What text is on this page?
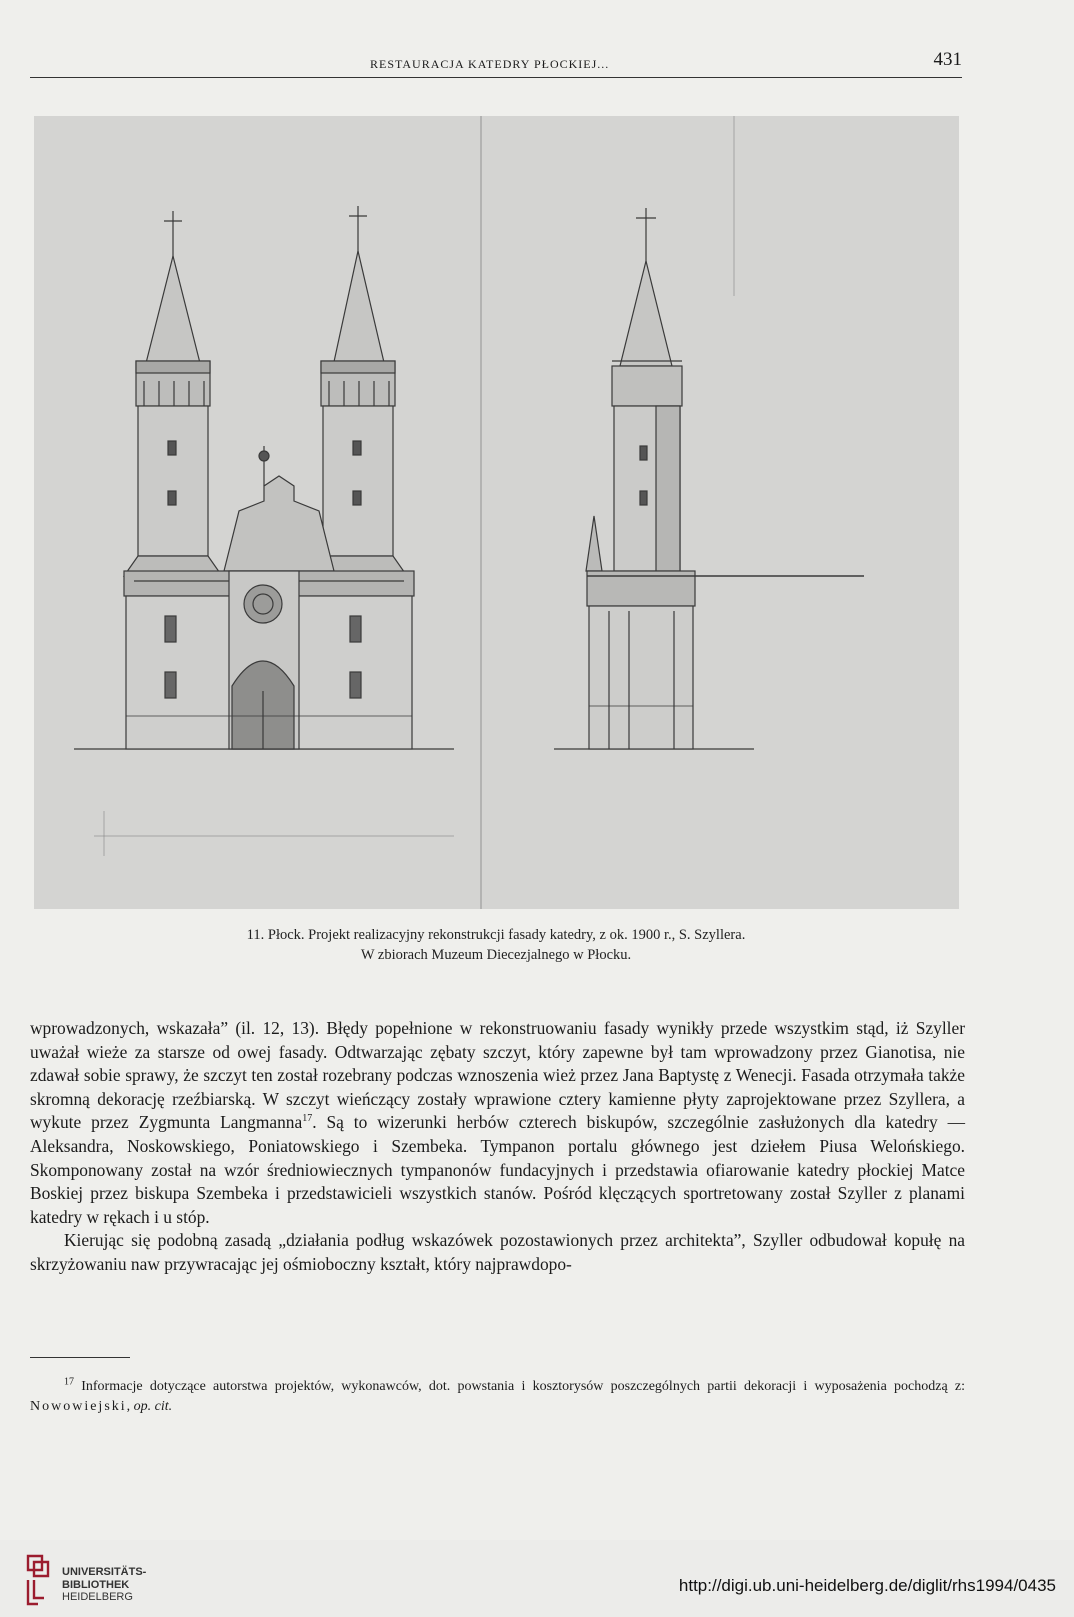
RESTAURACJA KATEDRY PŁOCKIEJ...	431
11. Płock. Projekt realizacyjny rekonstrukcji fasady katedry, z ok. 1900 r., S. Szyllera.
W zbiorach Muzeum Diecezjalnego w Płocku.

wprowadzonych, wskazała” (il. 12, 13). Błędy popełnione w rekonstruowaniu fasady wynikły przede wszystkim stąd, iż Szyller uważał wieże za starsze od owej fasady. Odtwarzając zębaty szczyt, który zapewne był tam wprowadzony przez Gianotisa, nie zdawał sobie sprawy, że szczyt ten został rozebrany podczas wznoszenia wież przez Jana Baptystę z Wenecji. Fasada otrzymała także skromną dekorację rzeźbiarską. W szczyt wieńczący zostały wprawione cztery kamienne płyty zaprojektowane przez Szyllera, a wykute przez Zygmunta Langmanna$^{17}$. Są to wizerunki herbów czterech biskupów, szczególnie zasłużonych dla katedry — Aleksandra, Noskowskiego, Poniatowskiego i Szembeka. Tympanon portalu głównego jest dziełem Piusa Welońskiego. Skomponowany został na wzór średniowiecznych tympanonów fundacyjnych i przedstawia ofiarowanie katedry płockiej Matce Boskiej przez biskupa Szembeka i przedstawicieli wszystkich stanów. Pośród klęczących sportretowany został Szyller z planami katedry w rękach i u stóp.

Kierując się podobną zasadą „działania podług wskazówek pozostawionych przez architekta”, Szyller odbudował kopułę na skrzyżowaniu naw przywracając jej ośmioboczny kształt, który najprawdopo-

$^{17}$ Informacje dotyczące autorstwa projektów, wykonawców, dot. powstania i kosztorysów poszczególnych partii dekoracji i wyposażenia pochodzą z: Nowowiejski, op. cit.

UNIVERSITÄTS-
BIBLIOTHEK
HEIDELBERG
http://digi.ub.uni-heidelberg.de/diglit/rhs1994/0435
